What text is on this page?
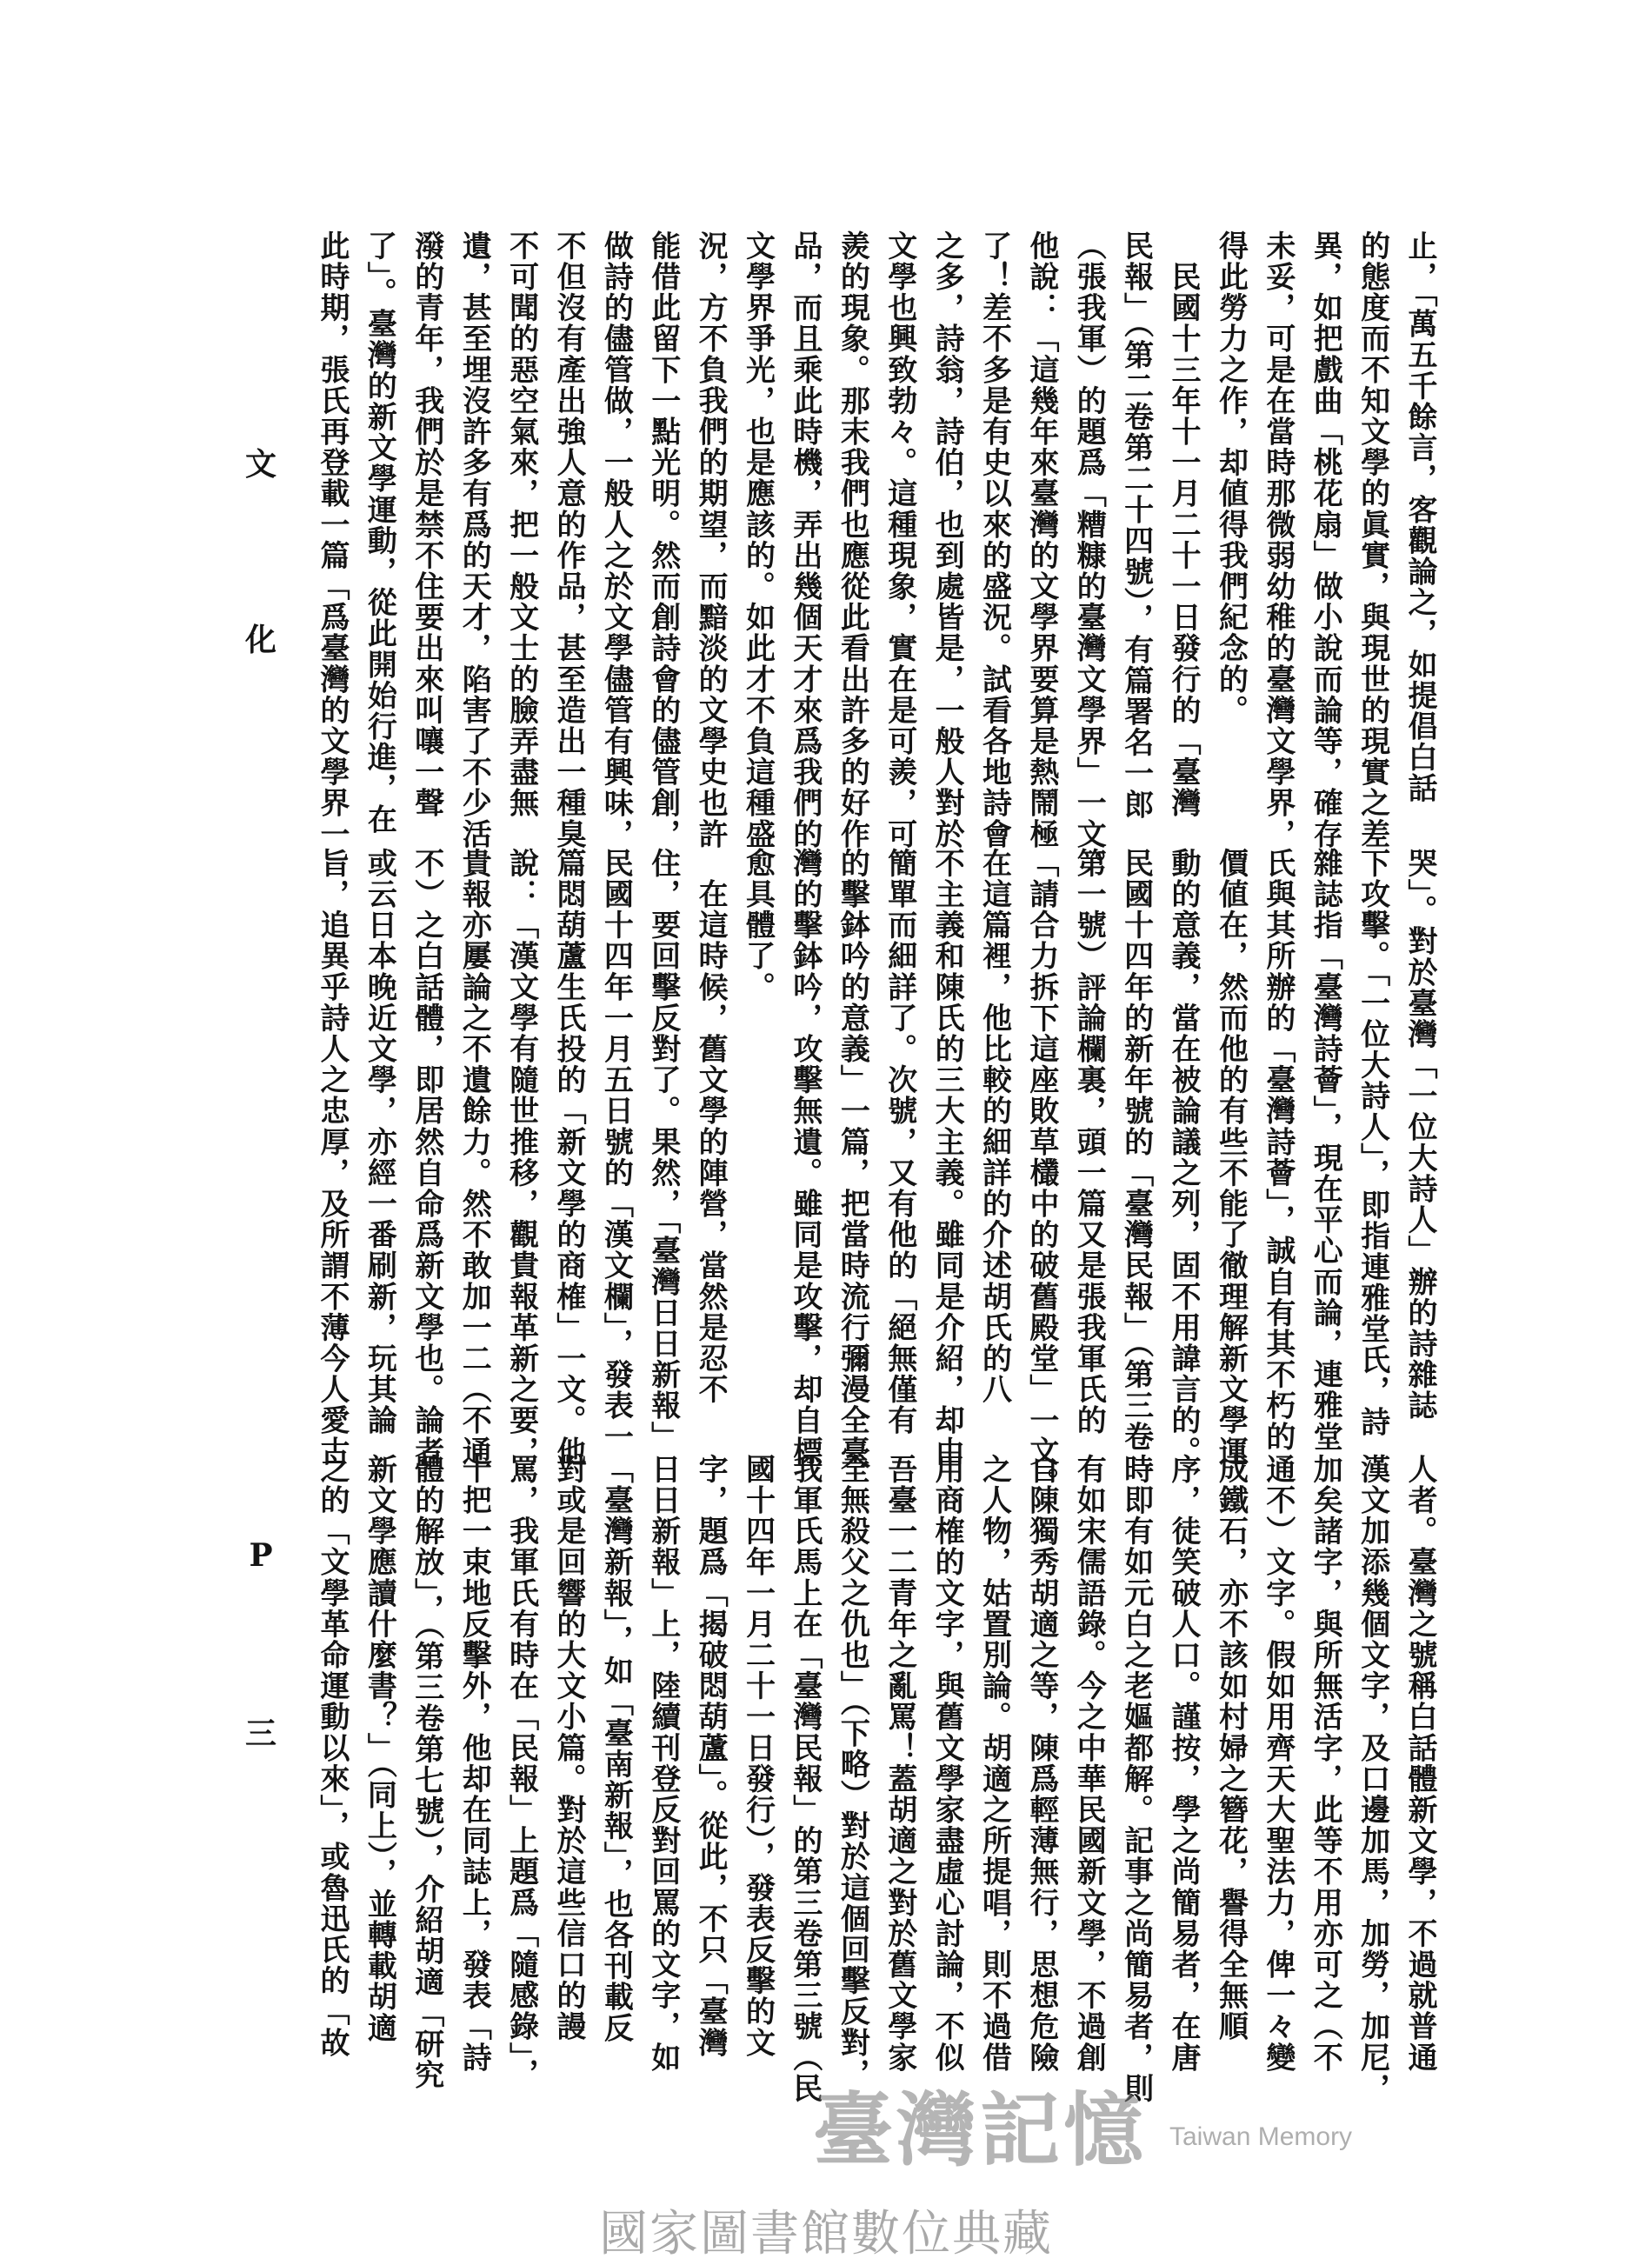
文
化
P
三
止，「萬五千餘言，客觀論之，如提倡白話
的態度而不知文學的眞實，與現世的現實之差
異，如把戲曲「桃花扇」做小說而論等，確存
未妥，可是在當時那微弱幼稚的臺灣文學界，
得此勞力之作，却値得我們紀念的。
　民國十三年十一月二十一日發行的「臺灣
民報」（第二卷第二十四號），有篇署名一郎
（張我軍）的題爲「糟糠的臺灣文學界」一文。
他說：「這幾年來臺灣的文學界要算是熱鬧極
了！差不多是有史以來的盛況。試看各地詩會
之多，詩翁，詩伯，也到處皆是，一般人對於
文學也興致勃々。這種現象，實在是可羨，可
羨的現象。那末我們也應從此看出許多的好作
品，而且乘此時機，弄出幾個天才來爲我們的
文學界爭光，也是應該的。如此才不負這種盛
況，方不負我們的期望，而黯淡的文學史也許
能借此留下一點光明。然而創詩會的儘管創，
做詩的儘管做，一般人之於文學儘管有興味，
不但沒有產出強人意的作品，甚至造出一種臭
不可聞的惡空氣來，把一般文士的臉弄盡無
遺，甚至埋沒許多有爲的天才，陷害了不少活
潑的青年，我們於是禁不住要出來叫嚷一聲
了」。臺灣的新文學運動，從此開始行進，在
此時期，張氏再登載一篇「爲臺灣的文學界一
哭」。對於臺灣「一位大詩人」辦的詩雜誌
下攻擊。「一位大詩人」，即指連雅堂氏，詩
雜誌指「臺灣詩薈」，現在平心而論，連雅堂
氏與其所辦的「臺灣詩薈」，誠自有其不朽的
價値在，然而他的有些不能了徹理解新文學運
動的意義，當在被論議之列，固不用諱言的。
民國十四年的新年號的「臺灣民報」（第三卷
第一號）評論欄裏，頭一篇又是張我軍氏的
「請合力拆下這座敗草欉中的破舊殿堂」一文。
在這篇裡，他比較的細詳的介述胡氏的八
不主義和陳氏的三大主義。雖同是介紹，却由
簡單而細詳了。次號，又有他的「絕無僅有
的擊鉢吟的意義」一篇，把當時流行彌漫全臺
灣的擊鉢吟，攻擊無遺。雖同是攻擊，却自標
愈具體了。
　在這時候，舊文學的陣營，當然是忍不
住，要回擊反對了。果然，「臺灣日日新報」
民國十四年一月五日號的「漢文欄」，發表一
篇悶葫蘆生氏投的「新文學的商榷」一文。他
說：「漢文學有隨世推移，觀貴報革新之要，
貴報亦屢論之不遺餘力。然不敢加一二（不通
不）之白話體，即居然自命爲新文學也。論者
或云日本晚近文學，亦經一番刷新，玩其論
旨，追異乎詩人之忠厚，及所謂不薄今人愛古
人者。臺灣之號稱白話體新文學，不過就普通
漢文加添幾個文字，及口邊加馬，加勞，加尼，
加矣諸字，與所無活字，此等不用亦可之（不
通不）文字。假如用齊天大聖法力，俾一々變
成鐵石，亦不該如村婦之簪花，譽得全無順
序，徒笑破人口。謹按，學之尚簡易者，在唐
時即有如元白之老嫗都解。記事之尚簡易者，則
有如宋儒語錄。今之中華民國新文學，不過創
自陳獨秀胡適之等，陳爲輕薄無行，思想危險
之人物，姑置別論。胡適之所提唱，則不過借
用商榷的文字，與舊文學家盡虛心討論，不似
吾臺一二青年之亂罵！蓋胡適之對於舊文學家
全無殺父之仇也」（下略）對於這個回擊反對，
我軍氏馬上在「臺灣民報」的第三卷第三號（民
國十四年一月二十一日發行），發表反擊的文
字，題爲「揭破悶葫蘆」。從此，不只「臺灣
日日新報」上，陸續刊登反對回罵的文字，如
「臺灣新報」，如「臺南新報」，也各刊載反
對或是回響的大文小篇。對於這些信口的謾
罵，我軍氏有時在「民報」上題爲「隨感錄」，
十把一束地反擊外，他却在同誌上，發表「詩
體的解放」，（第三卷第七號），介紹胡適「研究
新文學應讀什麼書？」（同上），並轉載胡適
之的「文學革命運動以來」，或魯迅氏的「故
臺灣記憶 Taiwan Memory
國家圖書館數位典藏
